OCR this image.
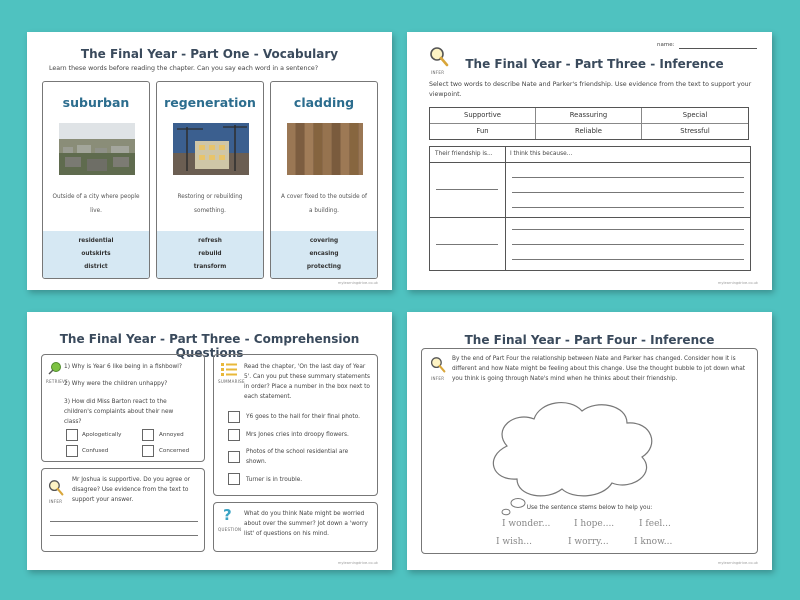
The Final Year - Part One - Vocabulary
Learn these words before reading the chapter. Can you say each word in a sentence?
suburban
Outside of a city where people live.
residential
outskirts
district
regeneration
Restoring or rebuilding something.
refresh
rebuild
transform
cladding
A cover fixed to the outside of a building.
covering
encasing
protecting
mylearningdrive.co.uk
name:
INFER
The Final Year - Part Three - Inference
Select two words to describe Nate and Parker's friendship. Use evidence from the text to support your viewpoint.
Supportive	Reassuring	Special
Fun	Reliable	Stressful
Their friendship is...	I think this because...
mylearningdrive.co.uk
The Final Year - Part Three - Comprehension Questions
RETRIEVE
1) Why is Year 6 like being in a fishbowl?
2) Why were the children unhappy?
3) How did Miss Barton react to the children's complaints about their new class?
Apologetically	Annoyed
Confused	Concerned
INFER
Mr Joshua is supportive. Do you agree or disagree? Use evidence from the text to support your answer.
SUMMARISE
Read the chapter, 'On the last day of Year 5'. Can you put these summary statements in order? Place a number in the box next to each statement.
Y6 goes to the hall for their final photo.
Mrs Jones cries into droopy flowers.
Photos of the school residential are shown.
Turner is in trouble.
?
QUESTION
What do you think Nate might be worried about over the summer? Jot down a 'worry list' of questions on his mind.
mylearningdrive.co.uk
The Final Year - Part Four - Inference
INFER
By the end of Part Four the relationship between Nate and Parker has changed. Consider how it is different and how Nate might be feeling about this change. Use the thought bubble to jot down what you think is going through Nate's mind when he thinks about their friendship.
Use the sentence stems below to help you:
I wonder...	I hope....	I feel...
I wish...	I worry...	I know...
mylearningdrive.co.uk
